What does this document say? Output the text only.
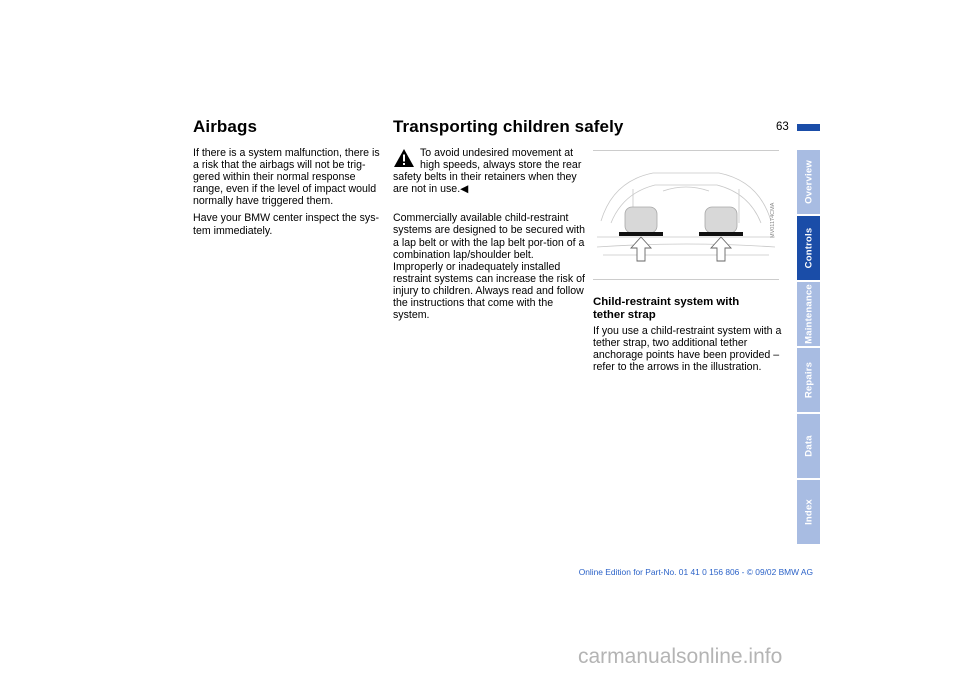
Airbags	Transporting children safely	63

If there is a system malfunction, there is a risk that the airbags will not be trig-gered within their normal response range, even if the level of impact would normally have triggered them.

Have your BMW center inspect the sys-tem immediately.

To avoid undesired movement at high speeds, always store the rear safety belts in their retainers when they are not in use.◀

Commercially available child-restraint systems are designed to be secured with a lap belt or with the lap belt por-tion of a combination lap/shoulder belt. Improperly or inadequately installed restraint systems can increase the risk of injury to children. Always read and follow the instructions that come with the system.

MV01174CMA
Child-restraint system with
tether strap

If you use a child-restraint system with a tether strap, two additional tether anchorage points have been provided – refer to the arrows in the illustration.

Overview
Controls
Maintenance
Repairs
Data
Index
Online Edition for Part-No. 01 41 0 156 806 - © 09/02 BMW AG
carmanualsonline.info
